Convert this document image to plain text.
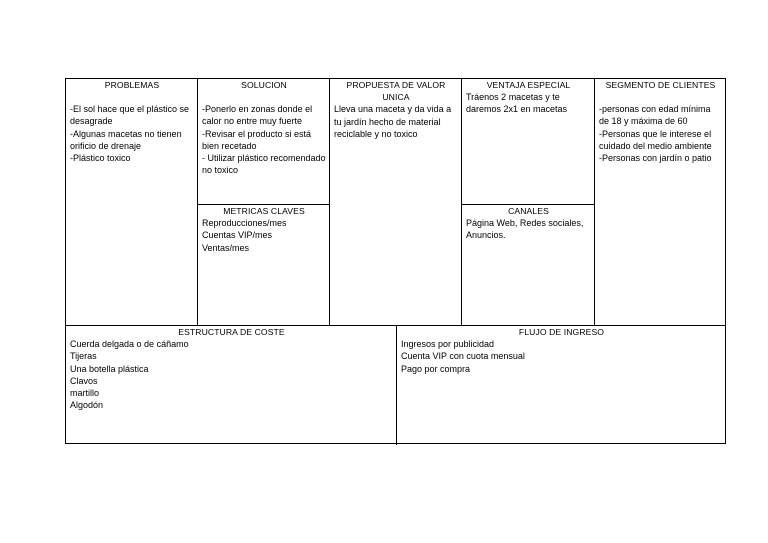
PROBLEMAS
-El sol hace que el plástico se desagrade
-Algunas macetas no tienen orificio de drenaje
-Plástico toxico
SOLUCION
-Ponerlo en zonas donde el calor no entre muy fuerte
-Revisar el producto si está bien recetado
- Utilizar plástico recomendado no toxico
METRICAS CLAVES
Reproducciones/mes
Cuentas VIP/mes
Ventas/mes
PROPUESTA DE VALOR
UNICA
Lleva una maceta y da vida a tu jardín hecho de material reciclable y no toxico
VENTAJA ESPECIAL
Tráenos 2 macetas y te daremos 2x1 en macetas
CANALES
Página Web, Redes sociales, Anuncios.
SEGMENTO DE CLIENTES
-personas con edad mínima de 18 y máxima de 60
-Personas que le interese el cuidado del medio ambiente
-Personas con jardín o patio
ESTRUCTURA DE COSTE
Cuerda delgada o de cáñamo
Tijeras
Una botella plástica
Clavos
martillo
Algodón
FLUJO DE INGRESO
Ingresos por publicidad
Cuenta VIP con cuota mensual
Pago por compra
